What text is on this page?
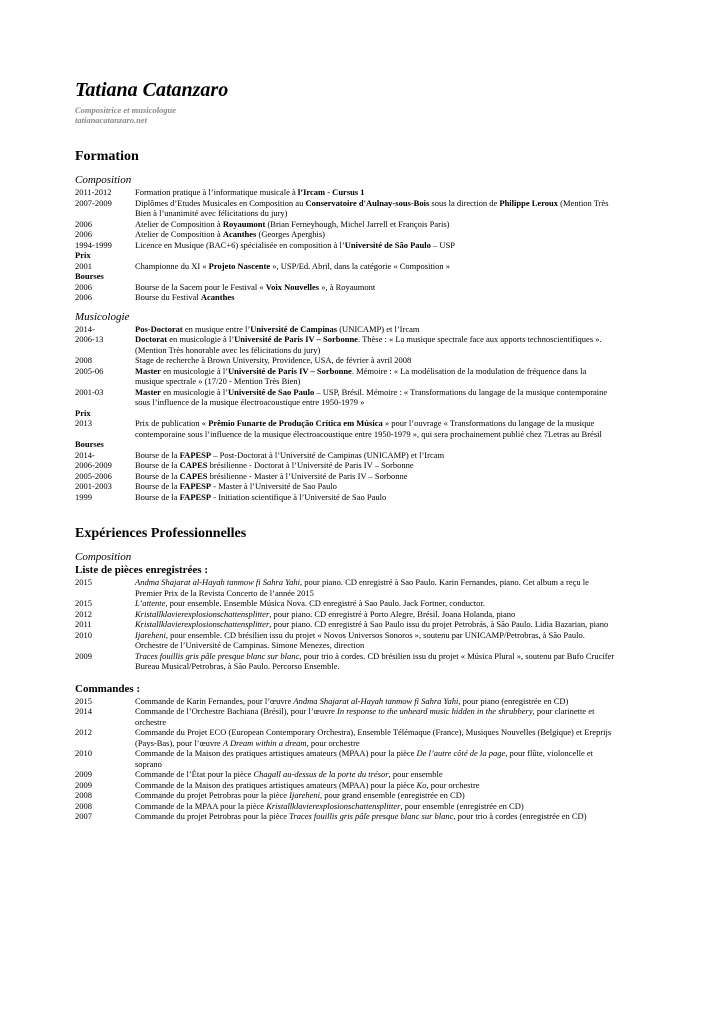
Tatiana Catanzaro

Compositrice et musicologue

tatianacatanzaro.net

Formation
Composition
2011-2012	Formation pratique à l’informatique musicale à l’Ircam - Cursus 1
2007-2009	Diplômes d’Etudes Musicales en Composition au Conservatoire d'Aulnay-sous-Bois sous la direction de Philippe Leroux (Mention Très Bien à l’unanimité avec félicitations du jury)
2006	Atelier de Composition à Royaumont (Brian Ferneyhough, Michel Jarrell et François Paris)
2006	Atelier de Composition à Acanthes (Georges Aperghis)
1994-1999	Licence en Musique (BAC+6) spécialisée en composition à l’Université de São Paulo – USP
Prix
2001	Championne du XI « Projeto Nascente », USP/Ed. Abril, dans la catégorie « Composition »
Bourses
2006	Bourse de la Sacem pour le Festival « Voix Nouvelles », à Royaumont
2006	Bourse du Festival Acanthes
Musicologie
2014-	Pos-Doctorat en musique entre l’Université de Campinas (UNICAMP) et l’Ircam
2006-13	Doctorat en musicologie à l’Université de Paris IV – Sorbonne. Thèse : « La musique spectrale face aux apports technoscientifiques ». (Mention Très honorable avec les félicitations du jury)
2008	Stage de recherche à Brown University, Providence, USA, de février à avril 2008
2005-06	Master en musicologie à l’Université de Paris IV – Sorbonne. Mémoire : « La modélisation de la modulation de fréquence dans la musique spectrale » (17/20 - Mention Très Bien)
2001-03	Master en musicologie à l’Université de Sao Paulo – USP, Brésil. Mémoire : « Transformations du langage de la musique contemporaine sous l’influence de la musique électroacoustique entre 1950-1979 »
Prix
2013	Prix de publication « Prêmio Funarte de Produção Crítica em Música » pour l’ouvrage « Transformations du langage de la musique contemporaine sous l’influence de la musique électroacoustique entre 1950-1979 », qui sera prochainement publié chez 7Letras au Brésil
Bourses
2014-	Bourse de la FAPESP – Post-Doctorat à l’Université de Campinas (UNICAMP) et l’Ircam
2006-2009	Bourse de la CAPES brésilienne - Doctorat à l’Université de Paris IV – Sorbonne
2005-2006	Bourse de la CAPES brésilienne - Master à l’Université de Paris IV – Sorbonne
2001-2003	Bourse de la FAPESP - Master à l’Université de Sao Paulo
1999	Bourse de la FAPESP - Initiation scientifique à l’Université de Sao Paulo
Expériences Professionnelles
Composition
Liste de pièces enregistrées :
2015	Andma Shajarat al-Hayah tanmow fi Sahra Yahi, pour piano. CD enregistré à Sao Paulo. Karin Fernandes, piano. Cet album a reçu le Premier Prix de la Revista Concerto de l’année 2015
2015	L’attente, pour ensemble. Ensemble Música Nova. CD enregistré à Sao Paulo. Jack Fortner, conductor.
2012	Kristallklavierexplosionschattensplitter, pour piano. CD enregistré à Porto Alegre, Brésil. Joana Holanda, piano
2011	Kristallklavierexplosionschattensplitter, pour piano. CD enregistré à Sao Paulo issu du projet Petrobrás, à São Paulo. Lidia Bazarian, piano
2010	Ijareheni, pour ensemble. CD brésilien issu du projet « Novos Universos Sonoros », soutenu par UNICAMP/Petrobras, à São Paulo. Orchestre de l’Université de Campinas. Simone Menezes, direction
2009	Traces fouillis gris pâle presque blanc sur blanc, pour trio à cordes. CD brésilien issu du projet « Música Plural », soutenu par Bufo Crucifer Bureau Musical/Petrobras, à São Paulo. Percorso Ensemble.
Commandes :
2015	Commande de Karin Fernandes, pour l’œuvre Andma Shajarat al-Hayah tanmow fi Sahra Yahi, pour piano (enregistrée en CD)
2014	Commande de l’Orchestre Bachiana (Brésil), pour l’œuvre In response to the unheard music hidden in the shrubbery, pour clarinette et orchestre
2012	Commande du Projet ECO (European Contemporary Orchestra), Ensemble Télémaque (France), Musiques Nouvelles (Belgique) et Ereprijs (Pays-Bas), pour l’œuvre A Dream within a dream, pour orchestre
2010	Commande de la Maison des pratiques artistiques amateurs (MPAA) pour la pièce De l’autre côté de la page, pour flûte, violoncelle et soprano
2009	Commande de l’État pour la pièce Chagall au-dessus de la porte du trésor, pour ensemble
2009	Commande de la Maison des pratiques artistiques amateurs (MPAA) pour la pièce Ko, pour orchestre
2008	Commande du projet Petrobras pour la pièce Ijareheni, pour grand ensemble (enregistrée en CD)
2008	Commande de la MPAA pour la pièce Kristallklavierexplosionschattensplitter, pour ensemble (enregistrée en CD)
2007	Commande du projet Petrobras pour la pièce Traces fouillis gris pâle presque blanc sur blanc, pour trio à cordes (enregistrée en CD)
